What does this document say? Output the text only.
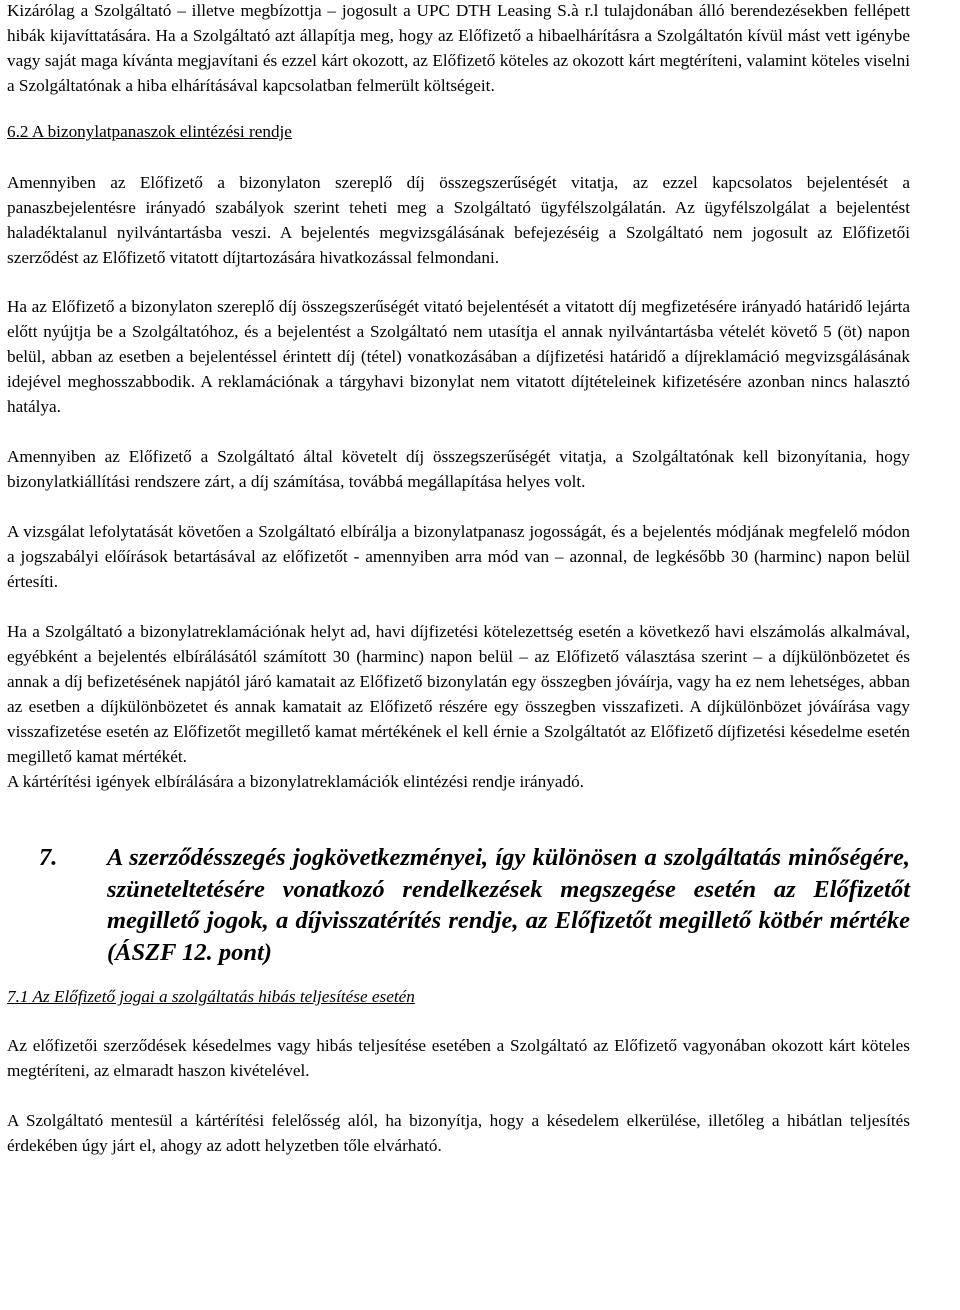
Kizárólag a Szolgáltató – illetve megbízottja – jogosult a UPC DTH Leasing S.à r.l tulajdonában álló berendezésekben fellépett hibák kijavíttatására. Ha a Szolgáltató azt állapítja meg, hogy az Előfizető a hibaelhárításra a Szolgáltatón kívül mást vett igénybe vagy saját maga kívánta megjavítani és ezzel kárt okozott, az Előfizető köteles az okozott kárt megtéríteni, valamint köteles viselni a Szolgáltatónak a hiba elhárításával kapcsolatban felmerült költségeit.

6.2 A bizonylatpanaszok elintézési rendje

Amennyiben az Előfizető a bizonylaton szereplő díj összegszerűségét vitatja, az ezzel kapcsolatos bejelentését a panaszbejelentésre irányadó szabályok szerint teheti meg a Szolgáltató ügyfélszolgálatán. Az ügyfélszolgálat a bejelentést haladéktalanul nyilvántartásba veszi. A bejelentés megvizsgálásának befejezéséig a Szolgáltató nem jogosult az Előfizetői szerződést az Előfizető vitatott díjtartozására hivatkozással felmondani.

Ha az Előfizető a bizonylaton szereplő díj összegszerűségét vitató bejelentését a vitatott díj megfizetésére irányadó határidő lejárta előtt nyújtja be a Szolgáltatóhoz, és a bejelentést a Szolgáltató nem utasítja el annak nyilvántartásba vételét követő 5 (öt) napon belül, abban az esetben a bejelentéssel érintett díj (tétel) vonatkozásában a díjfizetési határidő a díjreklamáció megvizsgálásának idejével meghosszabbodik. A reklamációnak a tárgyhavi bizonylat nem vitatott díjtételeinek kifizetésére azonban nincs halasztó hatálya.

Amennyiben az Előfizető a Szolgáltató által követelt díj összegszerűségét vitatja, a Szolgáltatónak kell bizonyítania, hogy bizonylatkiállítási rendszere zárt, a díj számítása, továbbá megállapítása helyes volt.

A vizsgálat lefolytatását követően a Szolgáltató elbírálja a bizonylatpanasz jogosságát, és a bejelentés módjának megfelelő módon a jogszabályi előírások betartásával az előfizetőt - amennyiben arra mód van – azonnal, de legkésőbb 30 (harminc) napon belül értesíti.

Ha a Szolgáltató a bizonylatreklamációnak helyt ad, havi díjfizetési kötelezettség esetén a következő havi elszámolás alkalmával, egyébként a bejelentés elbírálásától számított 30 (harminc) napon belül – az Előfizető választása szerint – a díjkülönbözetet és annak a díj befizetésének napjától járó kamatait az Előfizető bizonylatán egy összegben jóváírja, vagy ha ez nem lehetséges, abban az esetben a díjkülönbözetet és annak kamatait az Előfizető részére egy összegben visszafizeti. A díjkülönbözet jóváírása vagy visszafizetése esetén az Előfizetőt megillető kamat mértékének el kell érnie a Szolgáltatót az Előfizető díjfizetési késedelme esetén megillető kamat mértékét.

A kártérítési igények elbírálására a bizonylatreklamációk elintézési rendje irányadó.

7.	A szerződésszegés jogkövetkezményei, így különösen a szolgáltatás minőségére, szüneteltetésére vonatkozó rendelkezések megszegése esetén az Előfizetőt megillető jogok, a díjvisszatérítés rendje, az Előfizetőt megillető kötbér mértéke (ÁSZF 12. pont)

7.1 Az Előfizető jogai a szolgáltatás hibás teljesítése esetén

Az előfizetői szerződések késedelmes vagy hibás teljesítése esetében a Szolgáltató az Előfizető vagyonában okozott kárt köteles megtéríteni, az elmaradt haszon kivételével.

A Szolgáltató mentesül a kártérítési felelősség alól, ha bizonyítja, hogy a késedelem elkerülése, illetőleg a hibátlan teljesítés érdekében úgy járt el, ahogy az adott helyzetben tőle elvárható.
